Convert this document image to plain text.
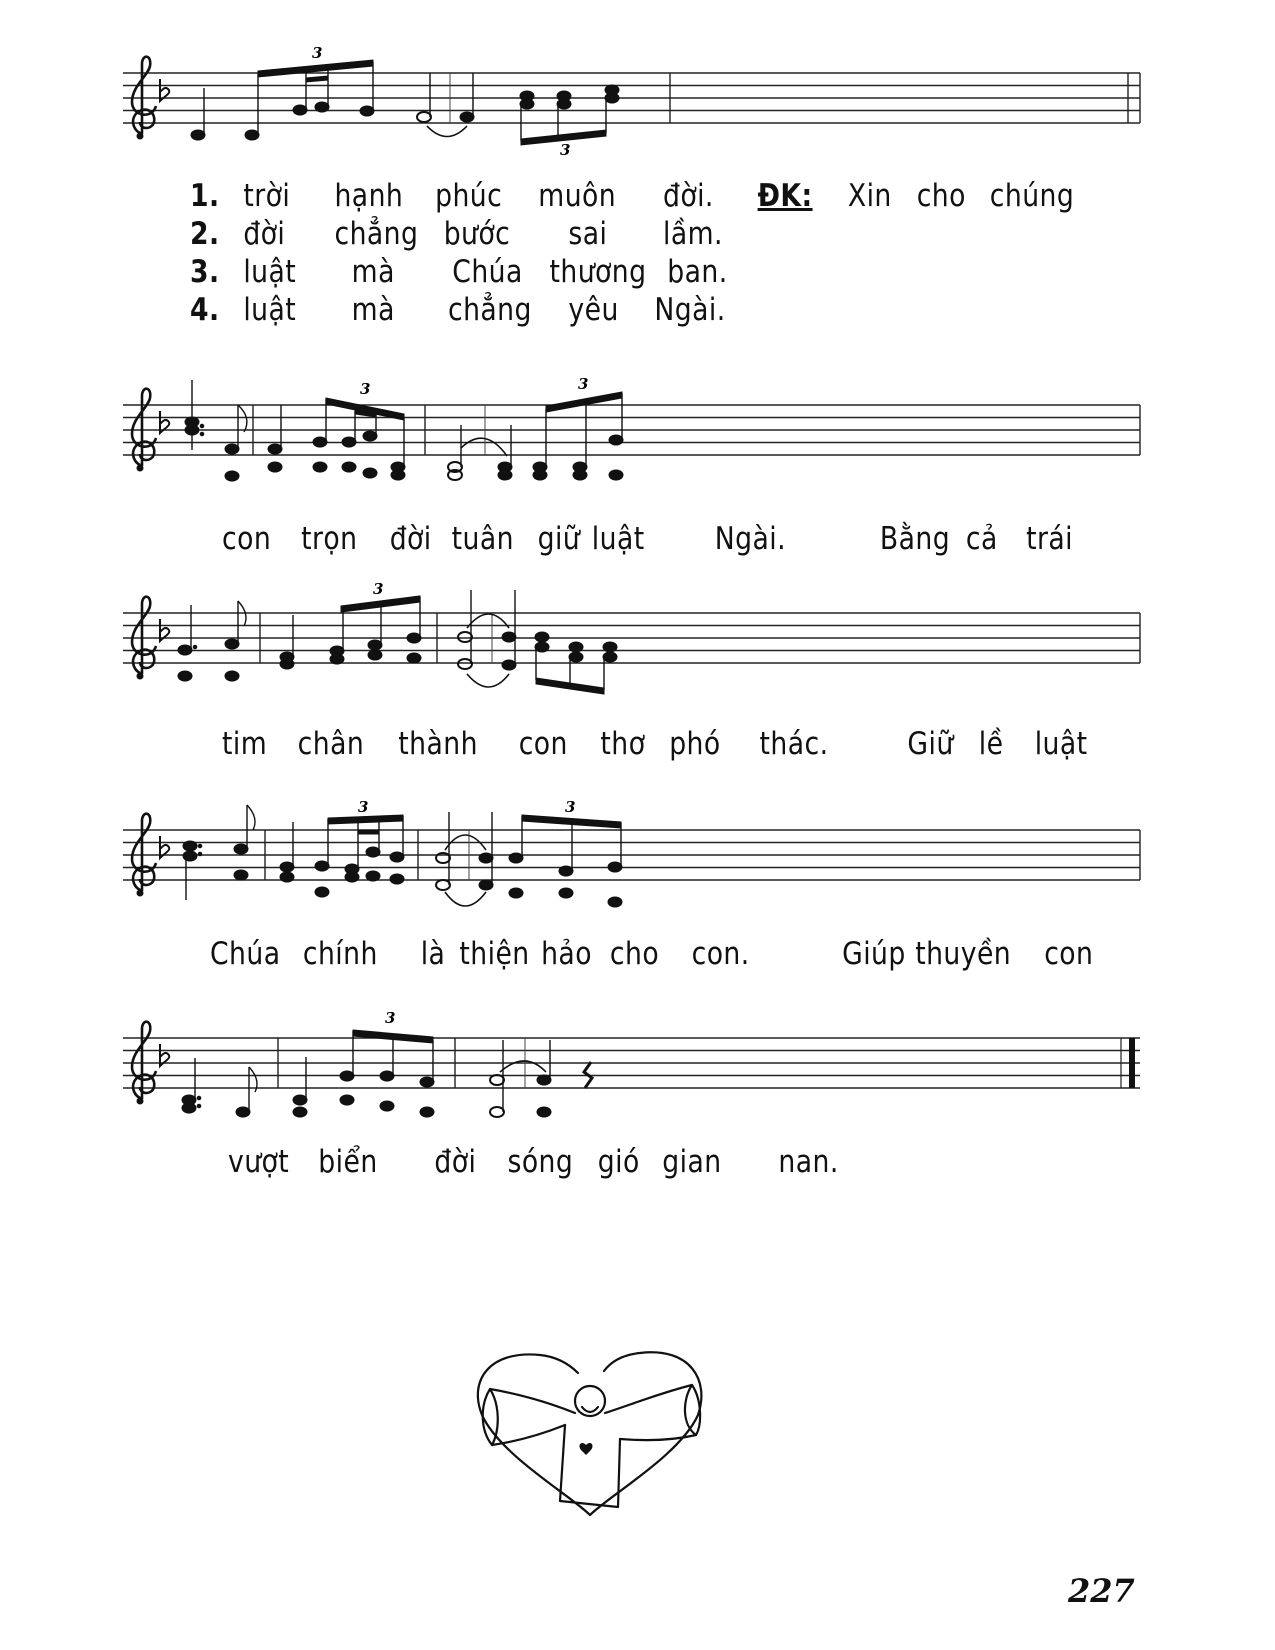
3
3
3	3
3
3	3
3
1. trời hạnh phúc muôn đời. ĐK: Xin cho chúng
2. đời chẳng bước sai lầm.
3. luật mà Chúa thương ban.
4. luật mà chẳng yêu Ngài.
con trọn đời tuân giữ luật Ngài.	Bằng cả trái
tim chân thành con thơ phó thác.	Giữ lề luật
Chúa chính là thiện hảo cho con.	Giúp thuyền con
vượt biển đời sóng gió gian nan.
227
